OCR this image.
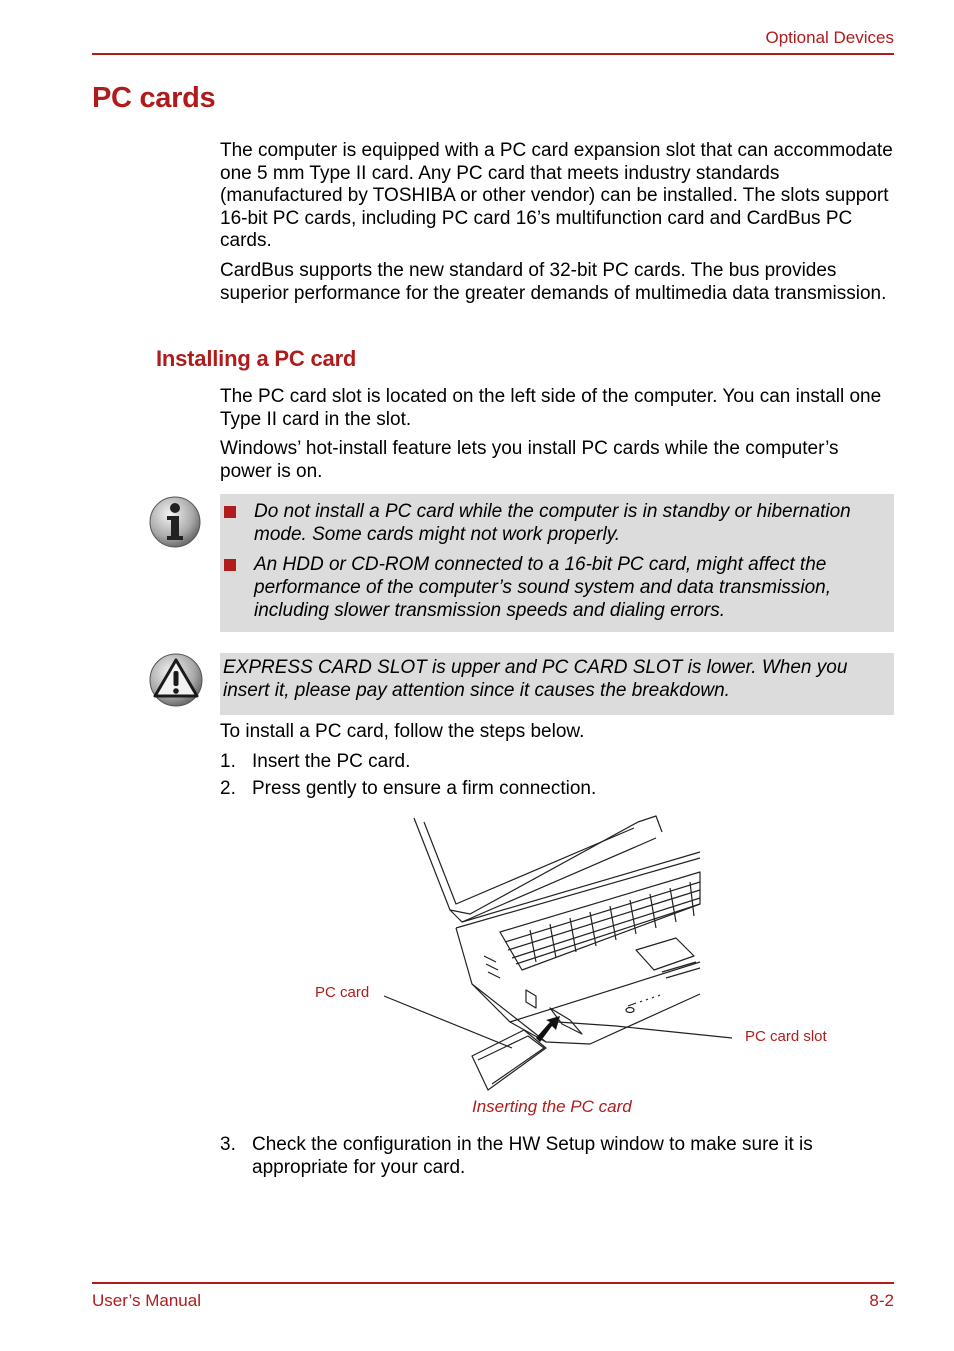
Optional Devices
PC cards

The computer is equipped with a PC card expansion slot that can accommodate one 5 mm Type II card. Any PC card that meets industry standards (manufactured by TOSHIBA or other vendor) can be installed. The slots support 16-bit PC cards, including PC card 16’s multifunction card and CardBus PC cards.

CardBus supports the new standard of 32-bit PC cards. The bus provides superior performance for the greater demands of multimedia data transmission.

Installing a PC card

The PC card slot is located on the left side of the computer. You can install one Type II card in the slot.

Windows’ hot-install feature lets you install PC cards while the computer’s power is on.

Do not install a PC card while the computer is in standby or hibernation mode. Some cards might not work properly.
An HDD or CD-ROM connected to a 16-bit PC card, might affect the performance of the computer’s sound system and data transmission, including slower transmission speeds and dialing errors.
EXPRESS CARD SLOT is upper and PC CARD SLOT is lower. When you insert it, please pay attention since it causes the breakdown.
To install a PC card, follow the steps below.
1. Insert the PC card.
2. Press gently to ensure a firm connection.
PC card
PC card slot
Inserting the PC card
3. Check the configuration in the HW Setup window to make sure it is appropriate for your card.
User’s Manual	8-2
